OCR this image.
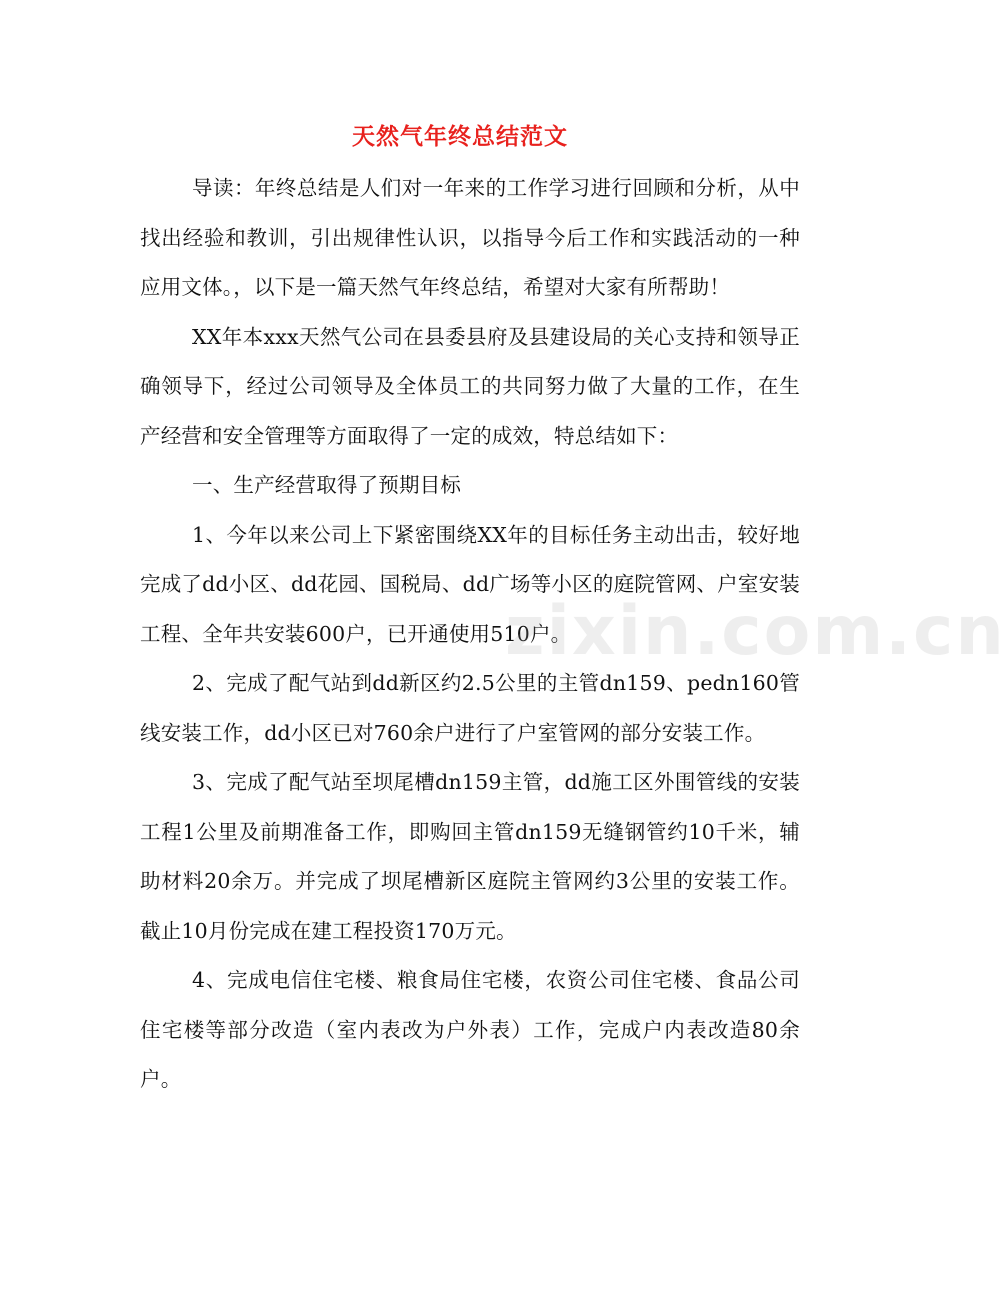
天然气年终总结范文

导读：年终总结是人们对一年来的工作学习进行回顾和分析，从中找出经验和教训，引出规律性认识，以指导今后工作和实践活动的一种应用文体。，以下是一篇天然气年终总结，希望对大家有所帮助！

XX年本xxx天然气公司在县委县府及县建设局的关心支持和领导正确领导下，经过公司领导及全体员工的共同努力做了大量的工作，在生产经营和安全管理等方面取得了一定的成效，特总结如下：

一、生产经营取得了预期目标

1、今年以来公司上下紧密围绕XX年的目标任务主动出击，较好地完成了dd小区、dd花园、国税局、dd广场等小区的庭院管网、户室安装工程、全年共安装600户，已开通使用510户。

2、完成了配气站到dd新区约2.5公里的主管dn159、pedn160管线安装工作，dd小区已对760余户进行了户室管网的部分安装工作。

3、完成了配气站至坝尾槽dn159主管，dd施工区外围管线的安装工程1公里及前期准备工作，即购回主管dn159无缝钢管约10千米，辅助材料20余万。并完成了坝尾槽新区庭院主管网约3公里的安装工作。截止10月份完成在建工程投资170万元。

4、完成电信住宅楼、粮食局住宅楼，农资公司住宅楼、食品公司住宅楼等部分改造（室内表改为户外表）工作，完成户内表改造80余户。

zixin.com.cn
